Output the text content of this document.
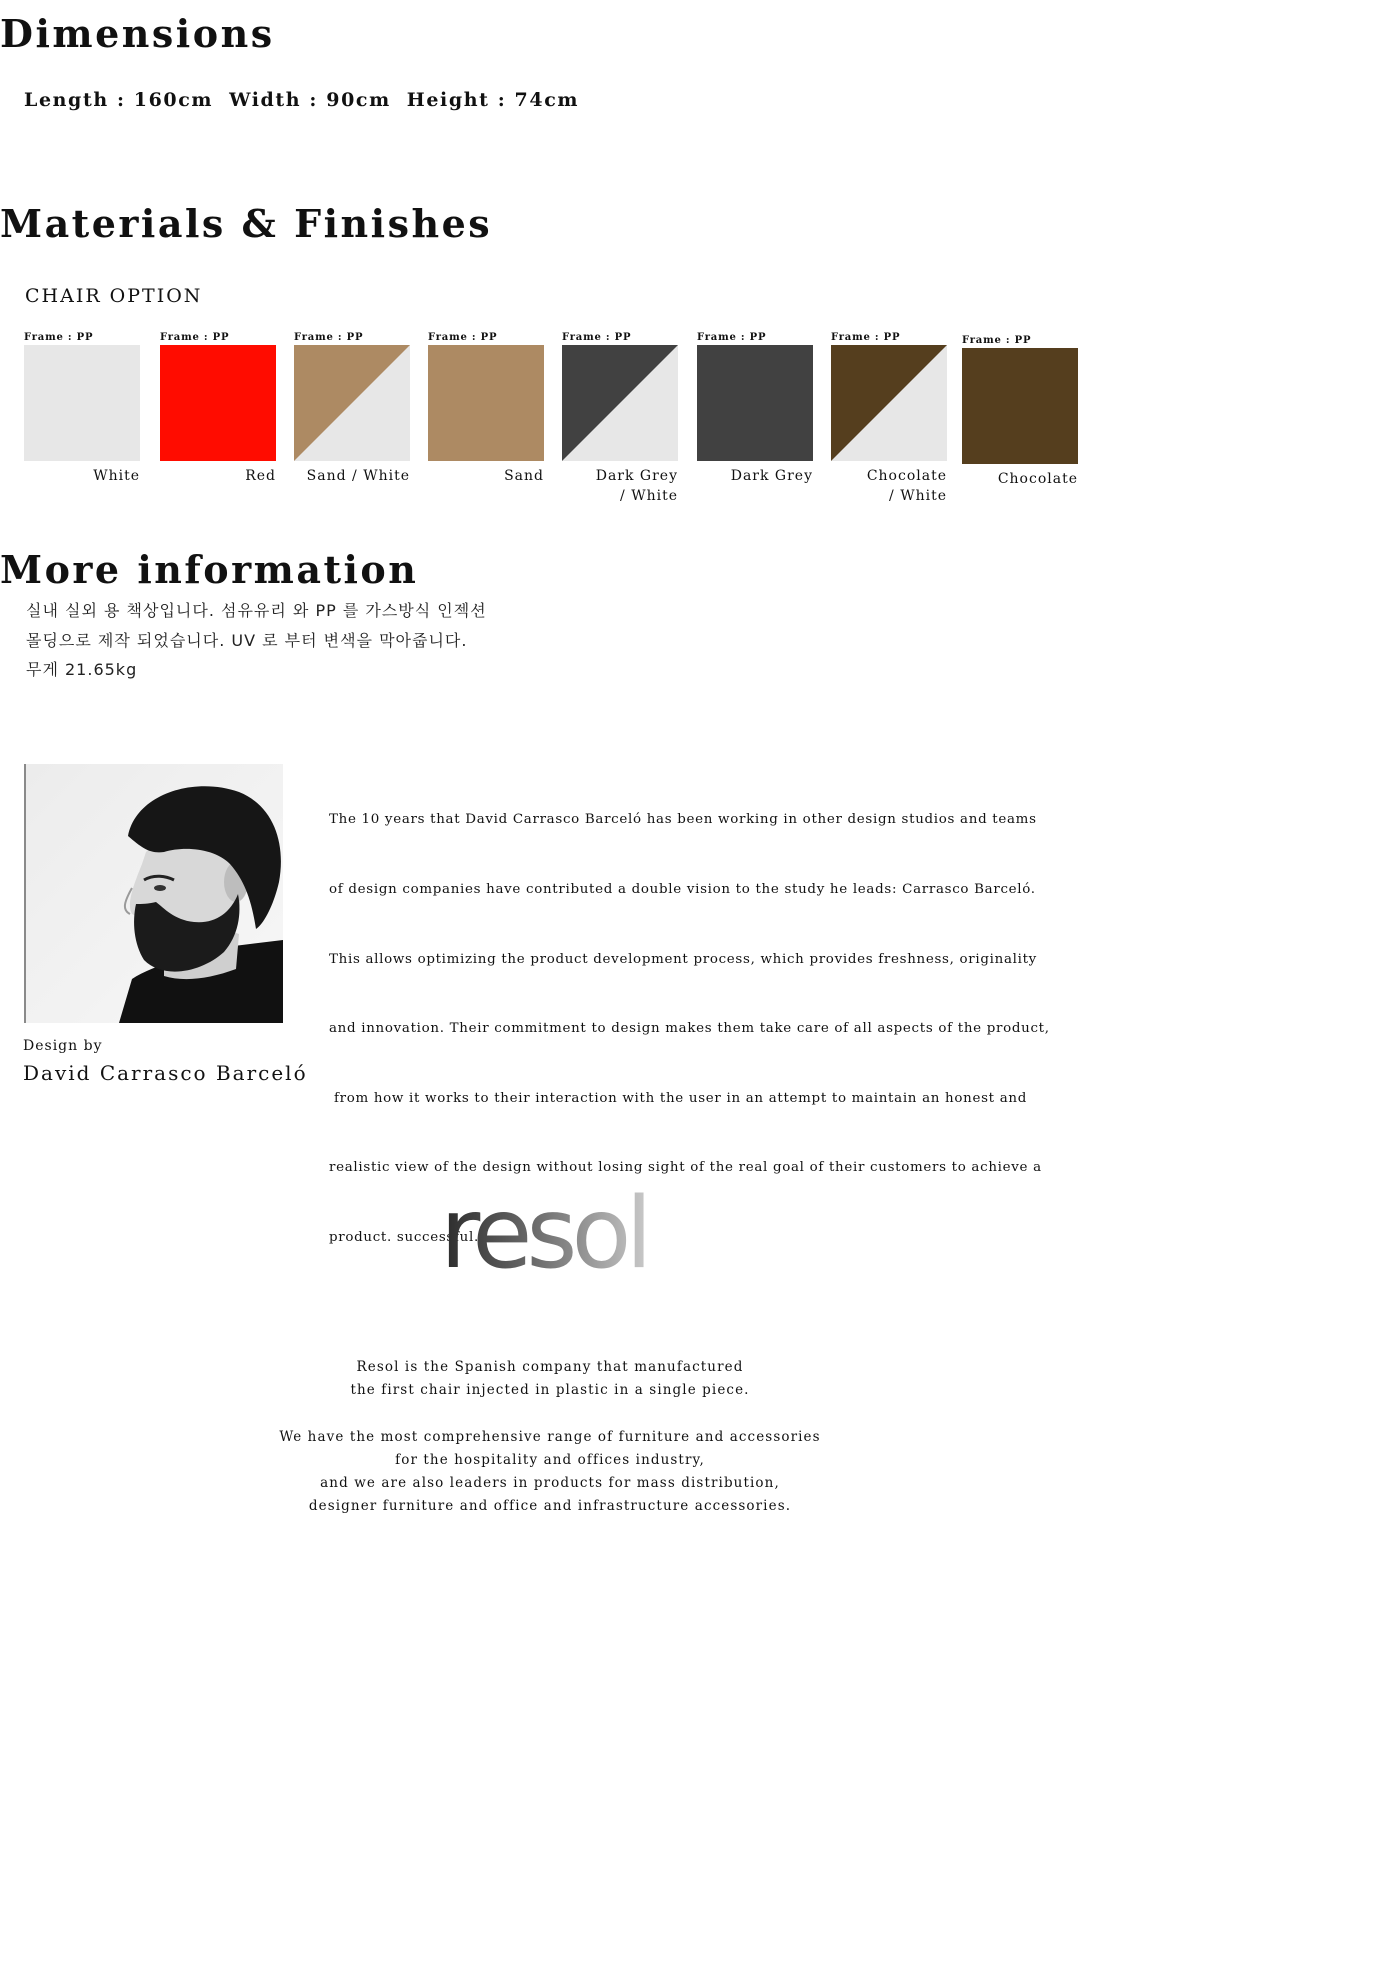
Dimensions
Length : 160cm Width : 90cm Height : 74cm
Materials & Finishes
CHAIR OPTION
Frame : PP
White
Frame : PP
Red
Frame : PP
Sand / White
Frame : PP
Sand
Frame : PP
Dark Grey
/ White
Frame : PP
Dark Grey
Frame : PP
Chocolate
/ White
Frame : PP
Chocolate
More information
실내 실외 용 책상입니다. 섬유유리 와 PP 를 가스방식 인젝션
몰딩으로 제작 되었습니다. UV 로 부터 변색을 막아줍니다.
무게 21.65kg

The 10 years that David Carrasco Barceló has been working in other design studios and teams

of design companies have contributed a double vision to the study he leads: Carrasco Barceló.

This allows optimizing the product development process, which provides freshness, originality

and innovation. Their commitment to design makes them take care of all aspects of the product,

from how it works to their interaction with the user in an attempt to maintain an honest and

realistic view of the design without losing sight of the real goal of their customers to achieve a

product. successful.

Design by
David Carrasco Barceló
resol
Resol is the Spanish company that manufactured
the first chair injected in plastic in a single piece.
We have the most comprehensive range of furniture and accessories
for the hospitality and offices industry,
and we are also leaders in products for mass distribution,
designer furniture and office and infrastructure accessories.
